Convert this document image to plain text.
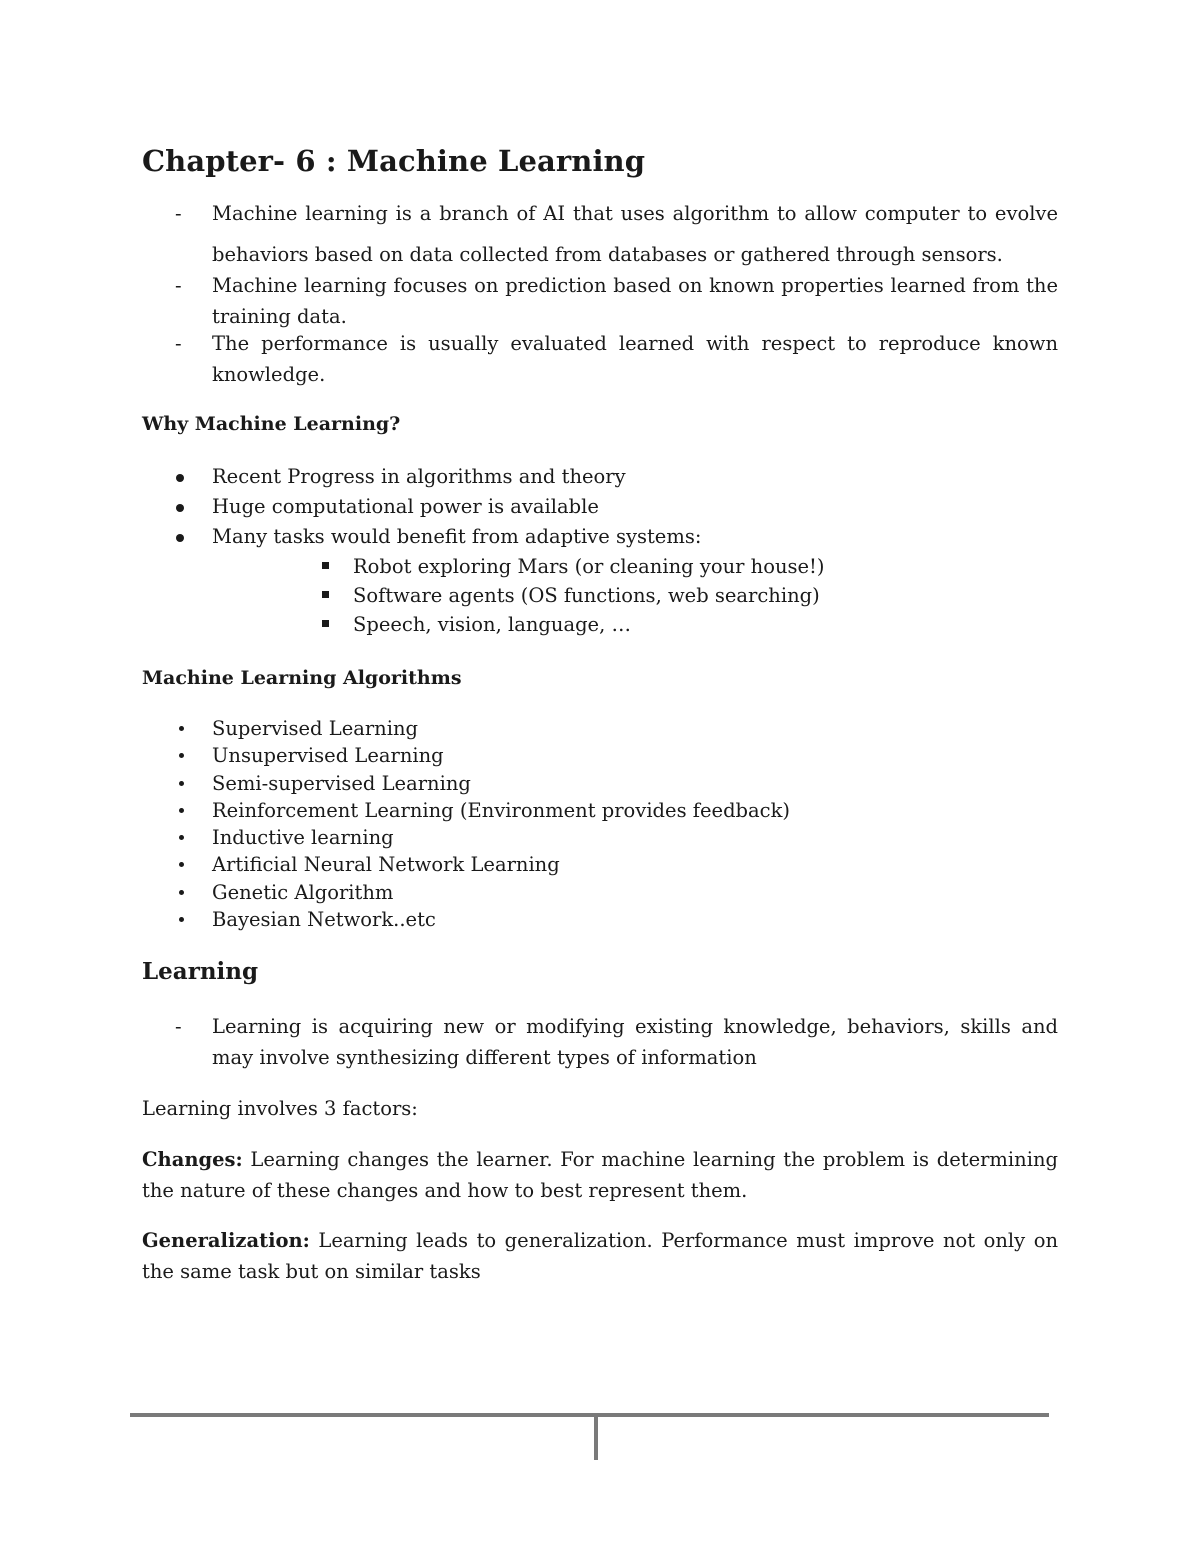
Chapter- 6 : Machine Learning
- Machine learning is a branch of AI that uses algorithm to allow computer to evolve behaviors based on data collected from databases or gathered through sensors.
- Machine learning focuses on prediction based on known properties learned from the training data.
- The performance is usually evaluated learned with respect to reproduce known knowledge.
Why Machine Learning?
Recent Progress in algorithms and theory
Huge computational power is available
Many tasks would benefit from adaptive systems:
Robot exploring Mars (or cleaning your house!)
Software agents (OS functions, web searching)
Speech, vision, language, …
Machine Learning Algorithms
Supervised Learning
Unsupervised Learning
Semi-supervised Learning
Reinforcement Learning (Environment provides feedback)
Inductive learning
Artificial Neural Network Learning
Genetic Algorithm
Bayesian Network..etc
Learning
- Learning is acquiring new or modifying existing knowledge, behaviors, skills and may involve synthesizing different types of information

Learning involves 3 factors:

Changes: Learning changes the learner. For machine learning the problem is determining the nature of these changes and how to best represent them.

Generalization: Learning leads to generalization. Performance must improve not only on the same task but on similar tasks
